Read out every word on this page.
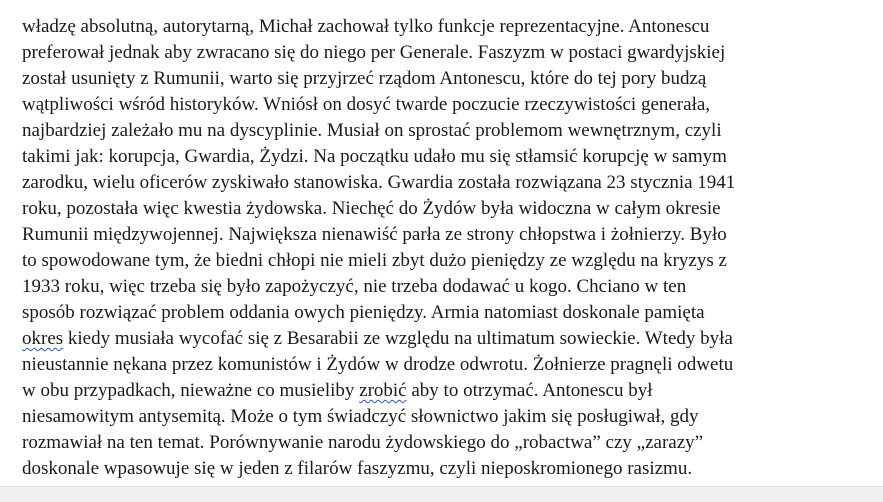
władzę absolutną, autorytarną, Michał zachował tylko funkcje reprezentacyjne. Antonescu
preferował jednak aby zwracano się do niego per Generale. Faszyzm w postaci gwardyjskiej
został usunięty z Rumunii, warto się przyjrzeć rządom Antonescu, które do tej pory budzą
wątpliwości wśród historyków. Wniósł on dosyć twarde poczucie rzeczywistości generała,
najbardziej zależało mu na dyscyplinie. Musiał on sprostać problemom wewnętrznym, czyli
takimi jak: korupcja, Gwardia, Żydzi. Na początku udało mu się stłamsić korupcję w samym
zarodku, wielu oficerów zyskiwało stanowiska. Gwardia została rozwiązana 23 stycznia 1941
roku, pozostała więc kwestia żydowska. Niechęć do Żydów była widoczna w całym okresie
Rumunii międzywojennej. Największa nienawiść parła ze strony chłopstwa i żołnierzy. Było
to spowodowane tym, że biedni chłopi nie mieli zbyt dużo pieniędzy ze względu na kryzys z
1933 roku, więc trzeba się było zapożyczyć, nie trzeba dodawać u kogo. Chciano w ten
sposób rozwiązać problem oddania owych pieniędzy. Armia natomiast doskonale pamięta
okres kiedy musiała wycofać się z Besarabii ze względu na ultimatum sowieckie. Wtedy była
nieustannie nękana przez komunistów i Żydów w drodze odwrotu. Żołnierze pragnęli odwetu
w obu przypadkach, nieważne co musieliby zrobić aby to otrzymać. Antonescu był
niesamowitym antysemitą. Może o tym świadczyć słownictwo jakim się posługiwał, gdy
rozmawiał na ten temat. Porównywanie narodu żydowskiego do „robactwa” czy „zarazy”
doskonale wpasowuje się w jeden z filarów faszyzmu, czyli nieposkromionego rasizmu.
